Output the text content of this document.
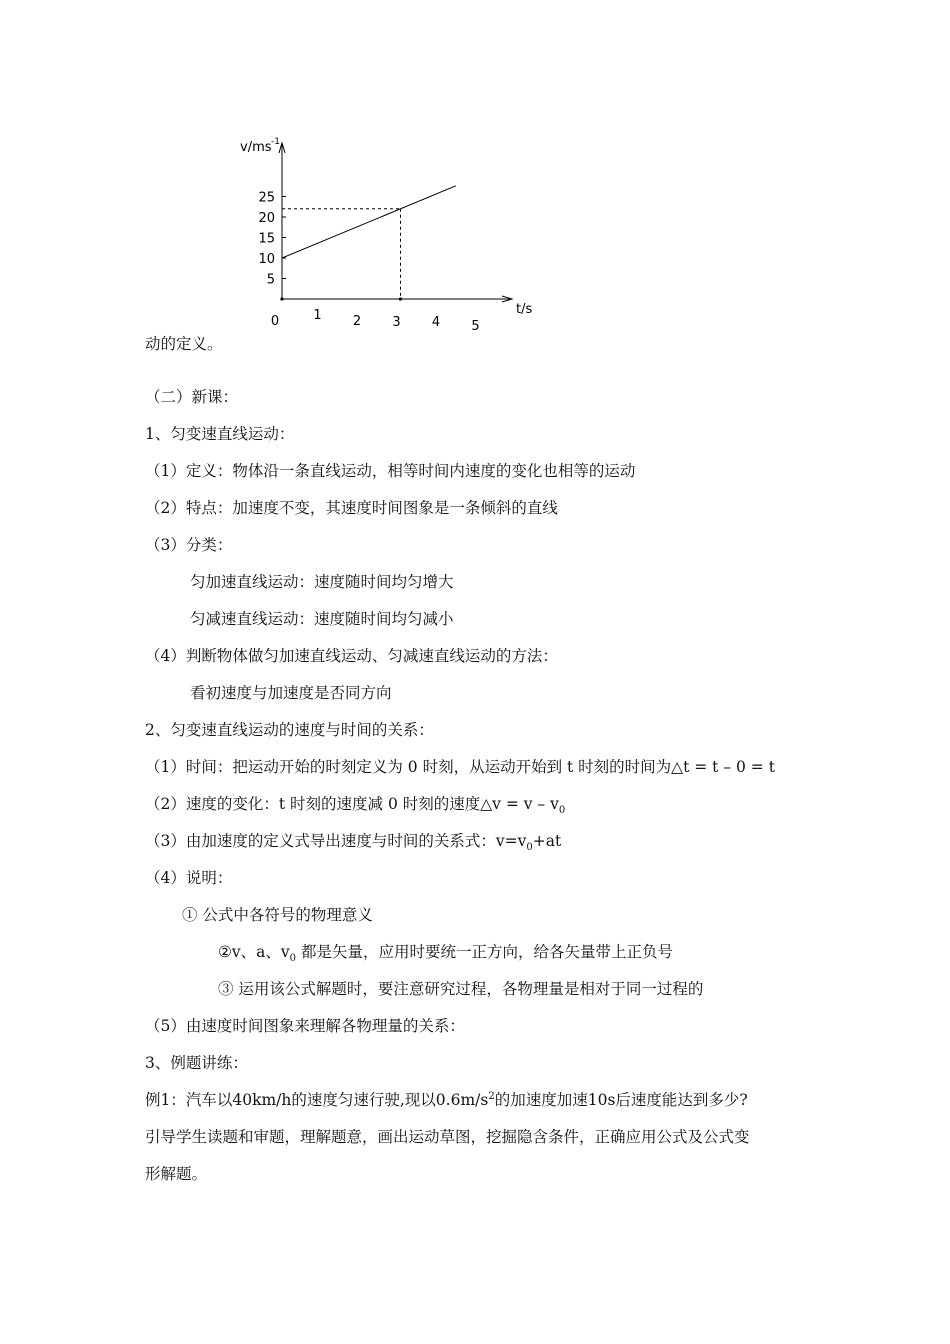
v/ms -1
t/s
5
10
15
20
25
0	1 2 3 4 5
动的定义。
（二）新课：
1、匀变速直线运动：
（1）定义：物体沿一条直线运动，相等时间内速度的变化也相等的运动
（2）特点：加速度不变，其速度时间图象是一条倾斜的直线
（3）分类：
匀加速直线运动：速度随时间均匀增大
匀减速直线运动：速度随时间均匀减小
（4）判断物体做匀加速直线运动、匀减速直线运动的方法：
看初速度与加速度是否同方向
2、匀变速直线运动的速度与时间的关系：
（1）时间：把运动开始的时刻定义为 0 时刻，从运动开始到 t 时刻的时间为△t = t – 0 = t
（2）速度的变化：t 时刻的速度减 0 时刻的速度△v = v – $v_0$
（3）由加速度的定义式导出速度与时间的关系式：$v=v_0+at$
（4）说明：
① 公式中各符号的物理意义
②v、a、$v_0$ 都是矢量，应用时要统一正方向，给各矢量带上正负号
③ 运用该公式解题时，要注意研究过程，各物理量是相对于同一过程的
（5）由速度时间图象来理解各物理量的关系：
3、例题讲练：
例1：汽车以40km/h的速度匀速行驶,现以$0.6m/s^2$的加速度加速10s后速度能达到多少?
引导学生读题和审题，理解题意，画出运动草图，挖掘隐含条件，正确应用公式及公式变
形解题。
